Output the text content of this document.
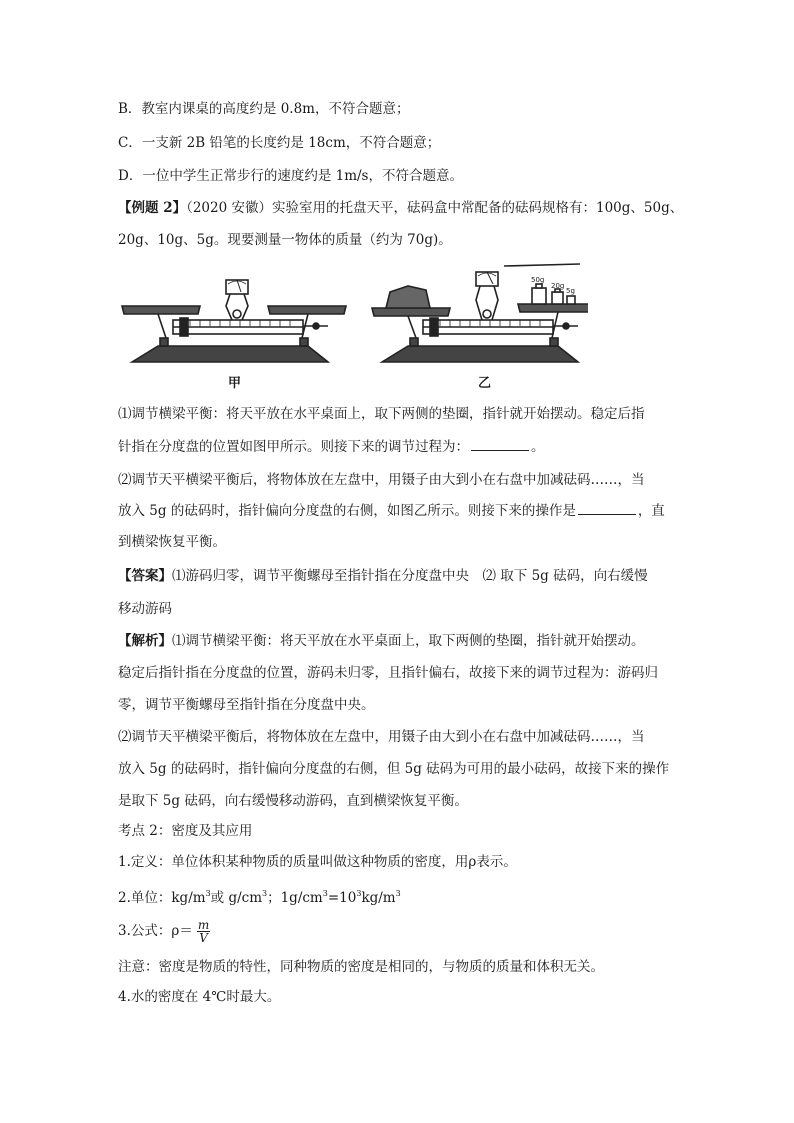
B．教室内课桌的高度约是 0.8m，不符合题意；
C．一支新 2B 铅笔的长度约是 18cm，不符合题意；
D．一位中学生正常步行的速度约是 1m/s，不符合题意。
【例题 2】（2020 安徽）实验室用的托盘天平，砝码盒中常配备的砝码规格有：100g、50g、
20g、10g、5g。现要测量一物体的质量（约为 70g)。
50g
20g
5g
甲	乙
⑴调节横梁平衡：将天平放在水平桌面上，取下两侧的垫圈，指针就开始摆动。稳定后指
针指在分度盘的位置如图甲所示。则接下来的调节过程为：	。
⑵调节天平横梁平衡后，将物体放在左盘中，用镊子由大到小在右盘中加减砝码……，当
放入 5g 的砝码时，指针偏向分度盘的右侧，如图乙所示。则接下来的操作是	，直
到横梁恢复平衡。
【答案】⑴游码归零，调节平衡螺母至指针指在分度盘中央　⑵ 取下 5g 砝码，向右缓慢
移动游码
【解析】⑴调节横梁平衡：将天平放在水平桌面上，取下两侧的垫圈，指针就开始摆动。
稳定后指针指在分度盘的位置，游码未归零，且指针偏右，故接下来的调节过程为：游码归
零，调节平衡螺母至指针指在分度盘中央。
⑵调节天平横梁平衡后，将物体放在左盘中，用镊子由大到小在右盘中加减砝码……，当
放入 5g 的砝码时，指针偏向分度盘的右侧，但 5g 砝码为可用的最小砝码，故接下来的操作
是取下 5g 砝码，向右缓慢移动游码，直到横梁恢复平衡。
考点 2：密度及其应用
1.定义：单位体积某种物质的质量叫做这种物质的密度，用ρ表示。
2.单位：$kg/m^3$或 $g/cm^3$；$1g/cm^3=10^3kg/m^3$
3.公式：$\rho= \frac{m}{V}$
注意：密度是物质的特性，同种物质的密度是相同的，与物质的质量和体积无关。
4.水的密度在 4℃时最大。
